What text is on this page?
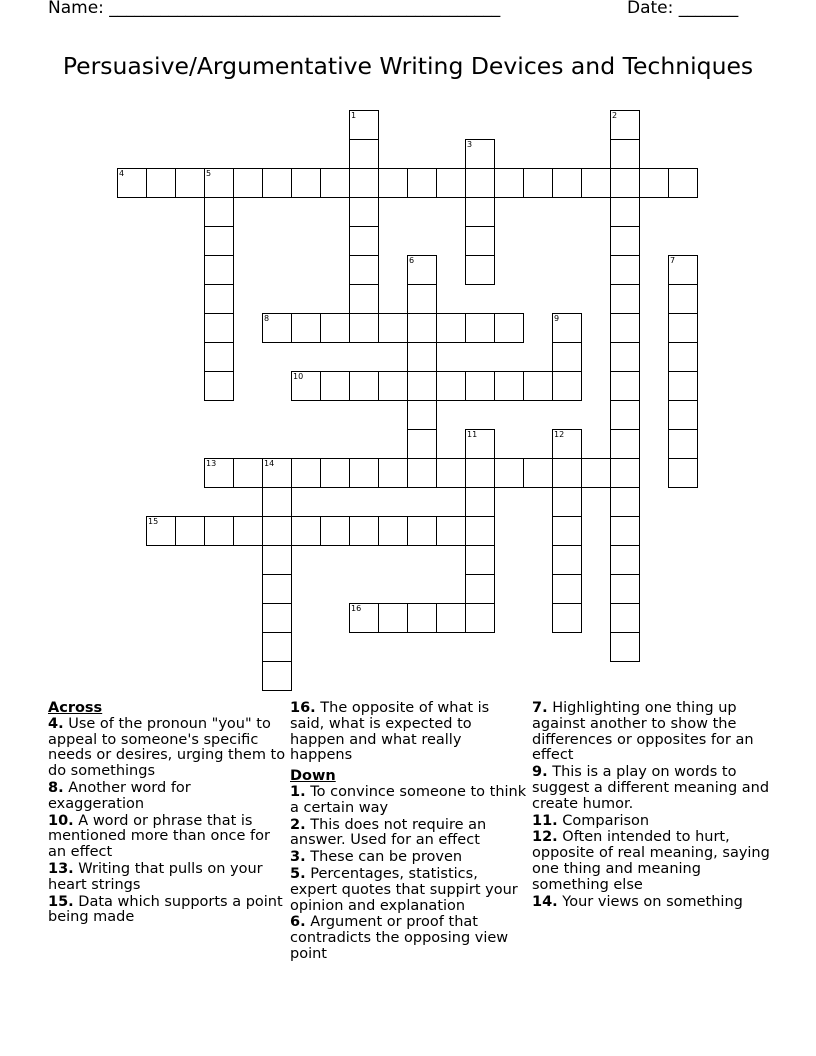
Name: ______________________________________________	Date: _______
Persuasive/Argumentative Writing Devices and Techniques
1	2
3
4	5
6	7
8	9
10
11	12
13	14
15
16
Across
4. Use of the pronoun "you" to appeal to someone's specific needs or desires, urging them to do somethings
8. Another word for exaggeration
10. A word or phrase that is mentioned more than once for an effect
13. Writing that pulls on your heart strings
15. Data which supports a point being made
16. The opposite of what is said, what is expected to happen and what really happens
Down
1. To convince someone to think a certain way
2. This does not require an answer. Used for an effect
3. These can be proven
5. Percentages, statistics, expert quotes that suppirt your opinion and explanation
6. Argument or proof that contradicts the opposing view point
7. Highlighting one thing up against another to show the differences or opposites for an effect
9. This is a play on words to suggest a different meaning and create humor.
11. Comparison
12. Often intended to hurt, opposite of real meaning, saying one thing and meaning something else
14. Your views on something
